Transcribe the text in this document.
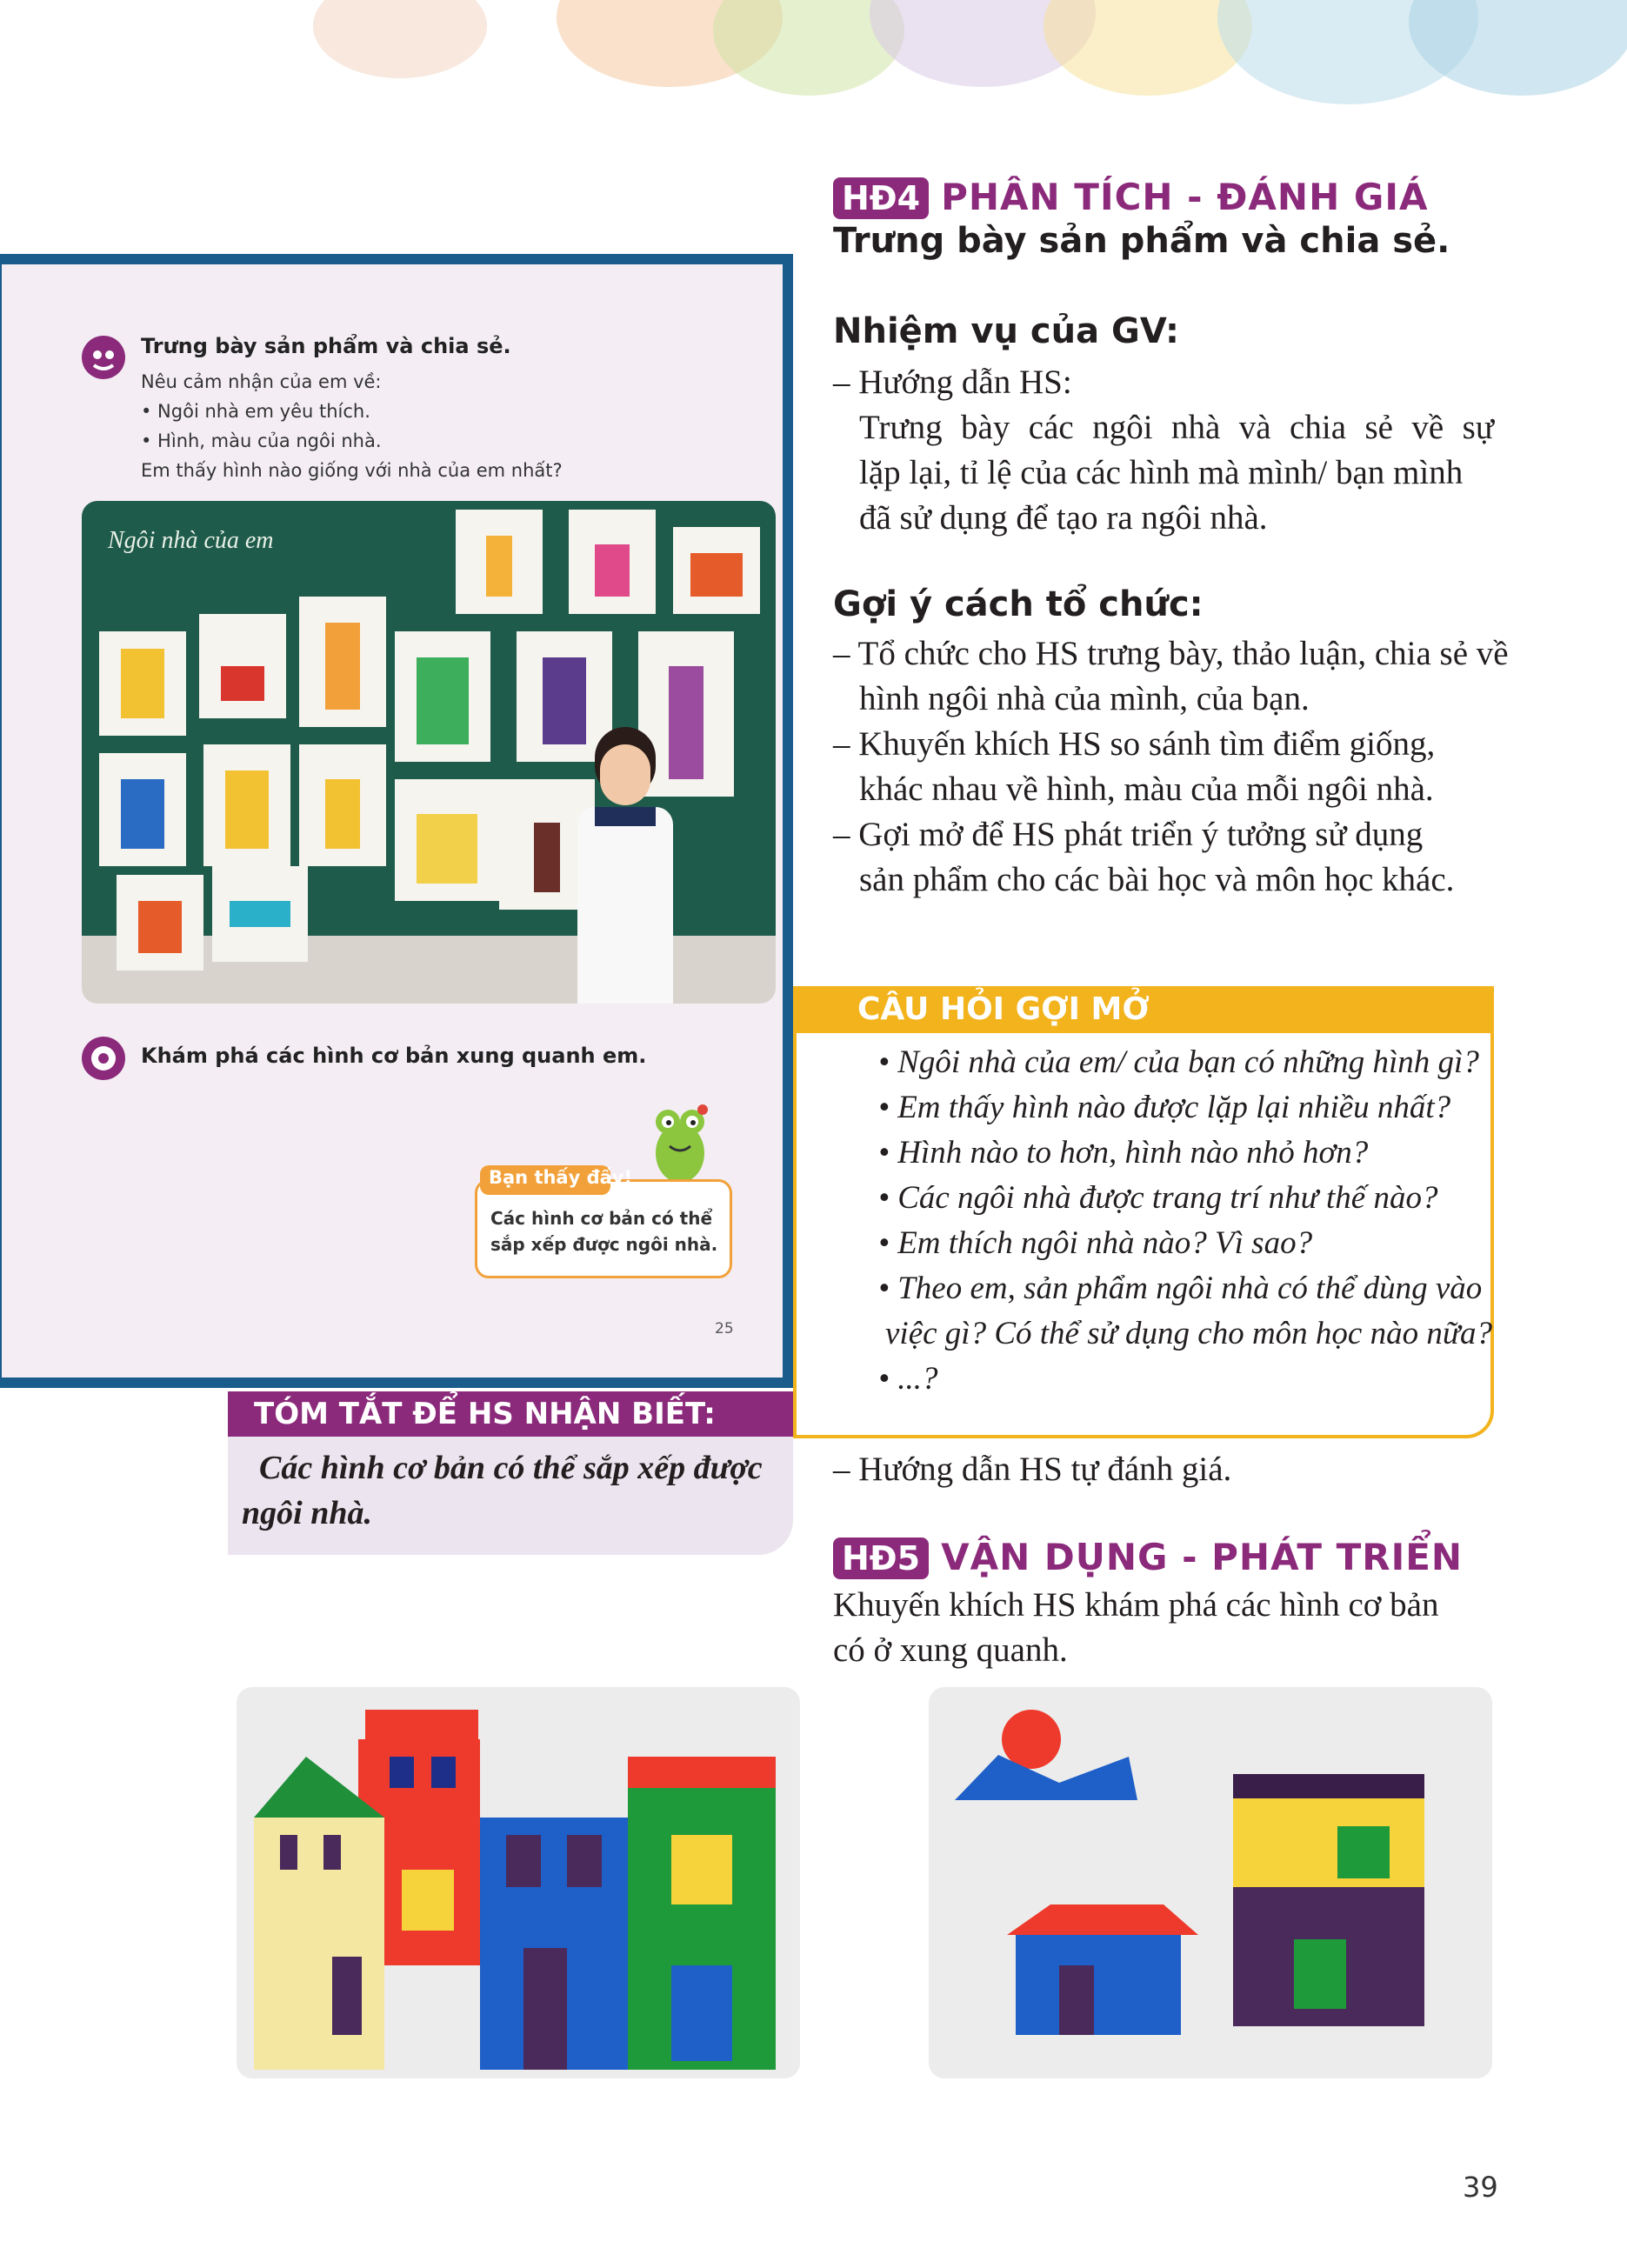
HĐ4 PHÂN TÍCH - ĐÁNH GIÁ
Trưng bày sản phẩm và chia sẻ.
Nhiệm vụ của GV:
– Hướng dẫn HS:
Trưng bày các ngôi nhà và chia sẻ về sự
lặp lại, tỉ lệ của các hình mà mình/ bạn mình
đã sử dụng để tạo ra ngôi nhà.
Gợi ý cách tổ chức:
– Tổ chức cho HS trưng bày, thảo luận, chia sẻ về
hình ngôi nhà của mình, của bạn.
– Khuyến khích HS so sánh tìm điểm giống,
khác nhau về hình, màu của mỗi ngôi nhà.
– Gợi mở để HS phát triển ý tưởng sử dụng
sản phẩm cho các bài học và môn học khác.
CÂU HỎI GỢI MỞ
• Ngôi nhà của em/ của bạn có những hình gì?
• Em thấy hình nào được lặp lại nhiều nhất?
• Hình nào to hơn, hình nào nhỏ hơn?
• Các ngôi nhà được trang trí như thế nào?
• Em thích ngôi nhà nào? Vì sao?
• Theo em, sản phẩm ngôi nhà có thể dùng vào
việc gì? Có thể sử dụng cho môn học nào nữa?
• ...?
– Hướng dẫn HS tự đánh giá.
HĐ5 VẬN DỤNG - PHÁT TRIỂN
Khuyến khích HS khám phá các hình cơ bản
có ở xung quanh.
Trưng bày sản phẩm và chia sẻ.
Nêu cảm nhận của em về:
• Ngôi nhà em yêu thích.
• Hình, màu của ngôi nhà.
Em thấy hình nào giống với nhà của em nhất?
Ngôi nhà của em
Khám phá các hình cơ bản xung quanh em.
Bạn thấy đấy!
Các hình cơ bản có thể
sắp xếp được ngôi nhà.
25
TÓM TẮT ĐỂ HS NHẬN BIẾT:
Các hình cơ bản có thể sắp xếp được
ngôi nhà.
39
